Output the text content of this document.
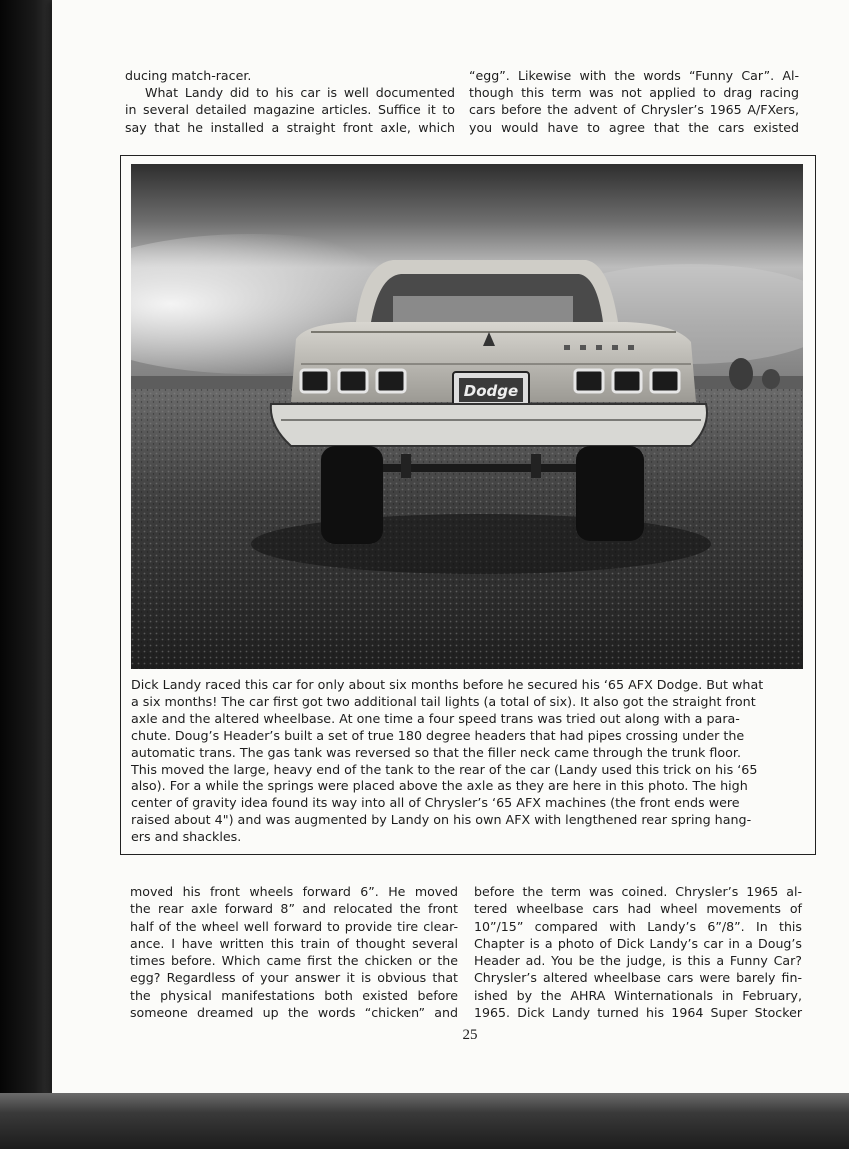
ducing match-racer.
What Landy did to his car is well documented
in several detailed magazine articles. Suffice it to
say that he installed a straight front axle, which
“egg”. Likewise with the words “Funny Car”. Al-
though this term was not applied to drag racing
cars before the advent of Chrysler’s 1965 A/FXers,
you would have to agree that the cars existed
Dodge
Dick Landy raced this car for only about six months before he secured his ‘65 AFX Dodge. But what
a six months! The car first got two additional tail lights (a total of six). It also got the straight front
axle and the altered wheelbase. At one time a four speed trans was tried out along with a para-
chute. Doug’s Header’s built a set of true 180 degree headers that had pipes crossing under the
automatic trans. The gas tank was reversed so that the filler neck came through the trunk floor.
This moved the large, heavy end of the tank to the rear of the car (Landy used this trick on his ‘65
also). For a while the springs were placed above the axle as they are here in this photo. The high
center of gravity idea found its way into all of Chrysler’s ‘65 AFX machines (the front ends were
raised about 4") and was augmented by Landy on his own AFX with lengthened rear spring hang-
ers and shackles.
moved his front wheels forward 6”. He moved
the rear axle forward 8” and relocated the front
half of the wheel well forward to provide tire clear-
ance. I have written this train of thought several
times before. Which came first the chicken or the
egg? Regardless of your answer it is obvious that
the physical manifestations both existed before
someone dreamed up the words “chicken” and
before the term was coined. Chrysler’s 1965 al-
tered wheelbase cars had wheel movements of
10”/15” compared with Landy’s 6”/8”. In this
Chapter is a photo of Dick Landy’s car in a Doug’s
Header ad. You be the judge, is this a Funny Car?
Chrysler’s altered wheelbase cars were barely fin-
ished by the AHRA Winternationals in February,
1965. Dick Landy turned his 1964 Super Stocker
25
